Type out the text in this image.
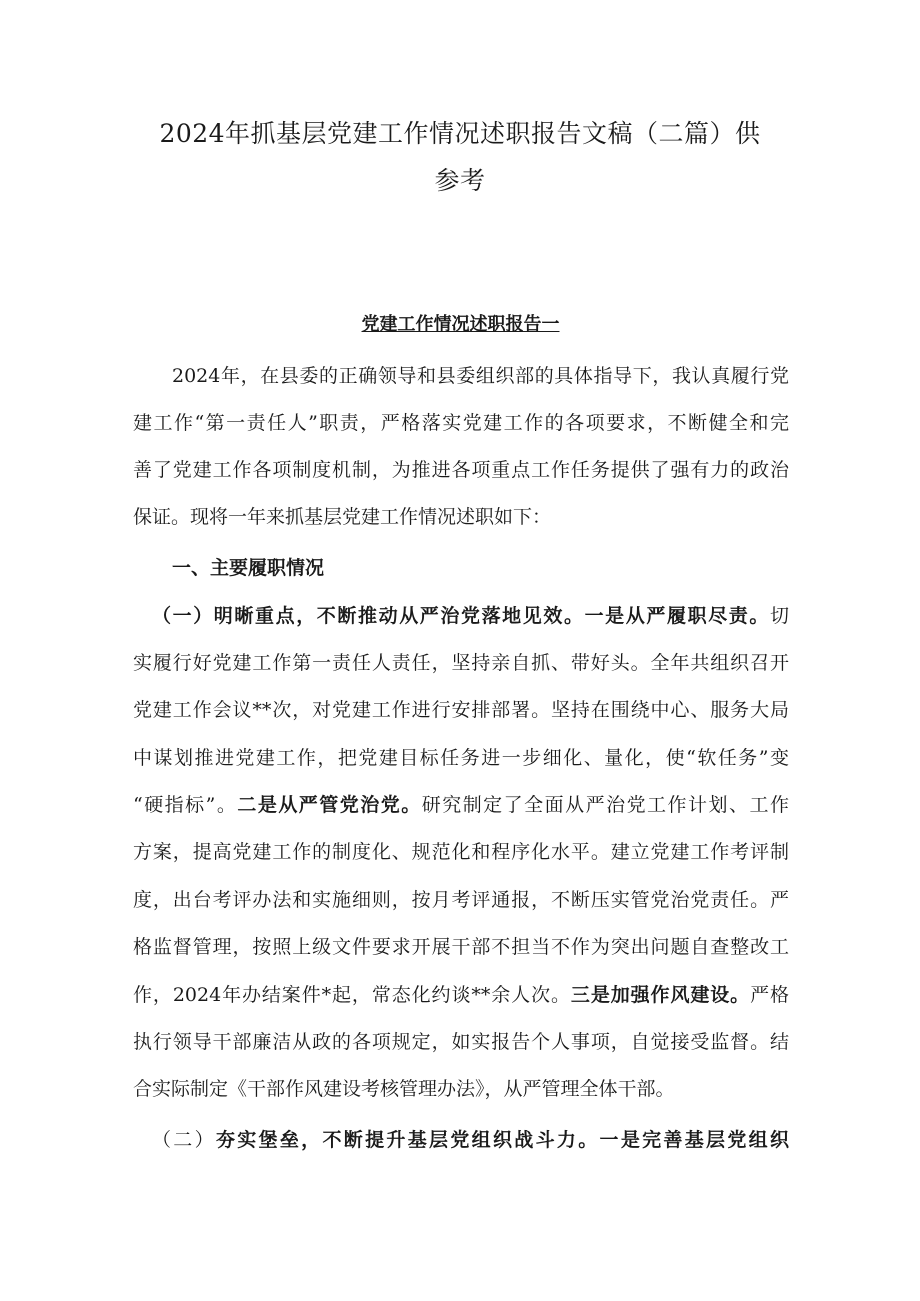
2024年抓基层党建工作情况述职报告文稿（二篇）供
参考
党建工作情况述职报告一

2024年，在县委的正确领导和县委组织部的具体指导下，我认真履行党

建工作“第一责任人”职责，严格落实党建工作的各项要求，不断健全和完

善了党建工作各项制度机制，为推进各项重点工作任务提供了强有力的政治

保证。现将一年来抓基层党建工作情况述职如下：

一、主要履职情况

（一）明晰重点，不断推动从严治党落地见效。一是从严履职尽责。切

实履行好党建工作第一责任人责任，坚持亲自抓、带好头。全年共组织召开

党建工作会议**次，对党建工作进行安排部署。坚持在围绕中心、服务大局

中谋划推进党建工作，把党建目标任务进一步细化、量化，使“软任务”变

“硬指标”。二是从严管党治党。研究制定了全面从严治党工作计划、工作

方案，提高党建工作的制度化、规范化和程序化水平。建立党建工作考评制

度，出台考评办法和实施细则，按月考评通报，不断压实管党治党责任。严

格监督管理，按照上级文件要求开展干部不担当不作为突出问题自查整改工

作，2024年办结案件*起，常态化约谈**余人次。三是加强作风建设。严格

执行领导干部廉洁从政的各项规定，如实报告个人事项，自觉接受监督。结

合实际制定《干部作风建设考核管理办法》，从严管理全体干部。

（二）夯实堡垒，不断提升基层党组织战斗力。一是完善基层党组织
